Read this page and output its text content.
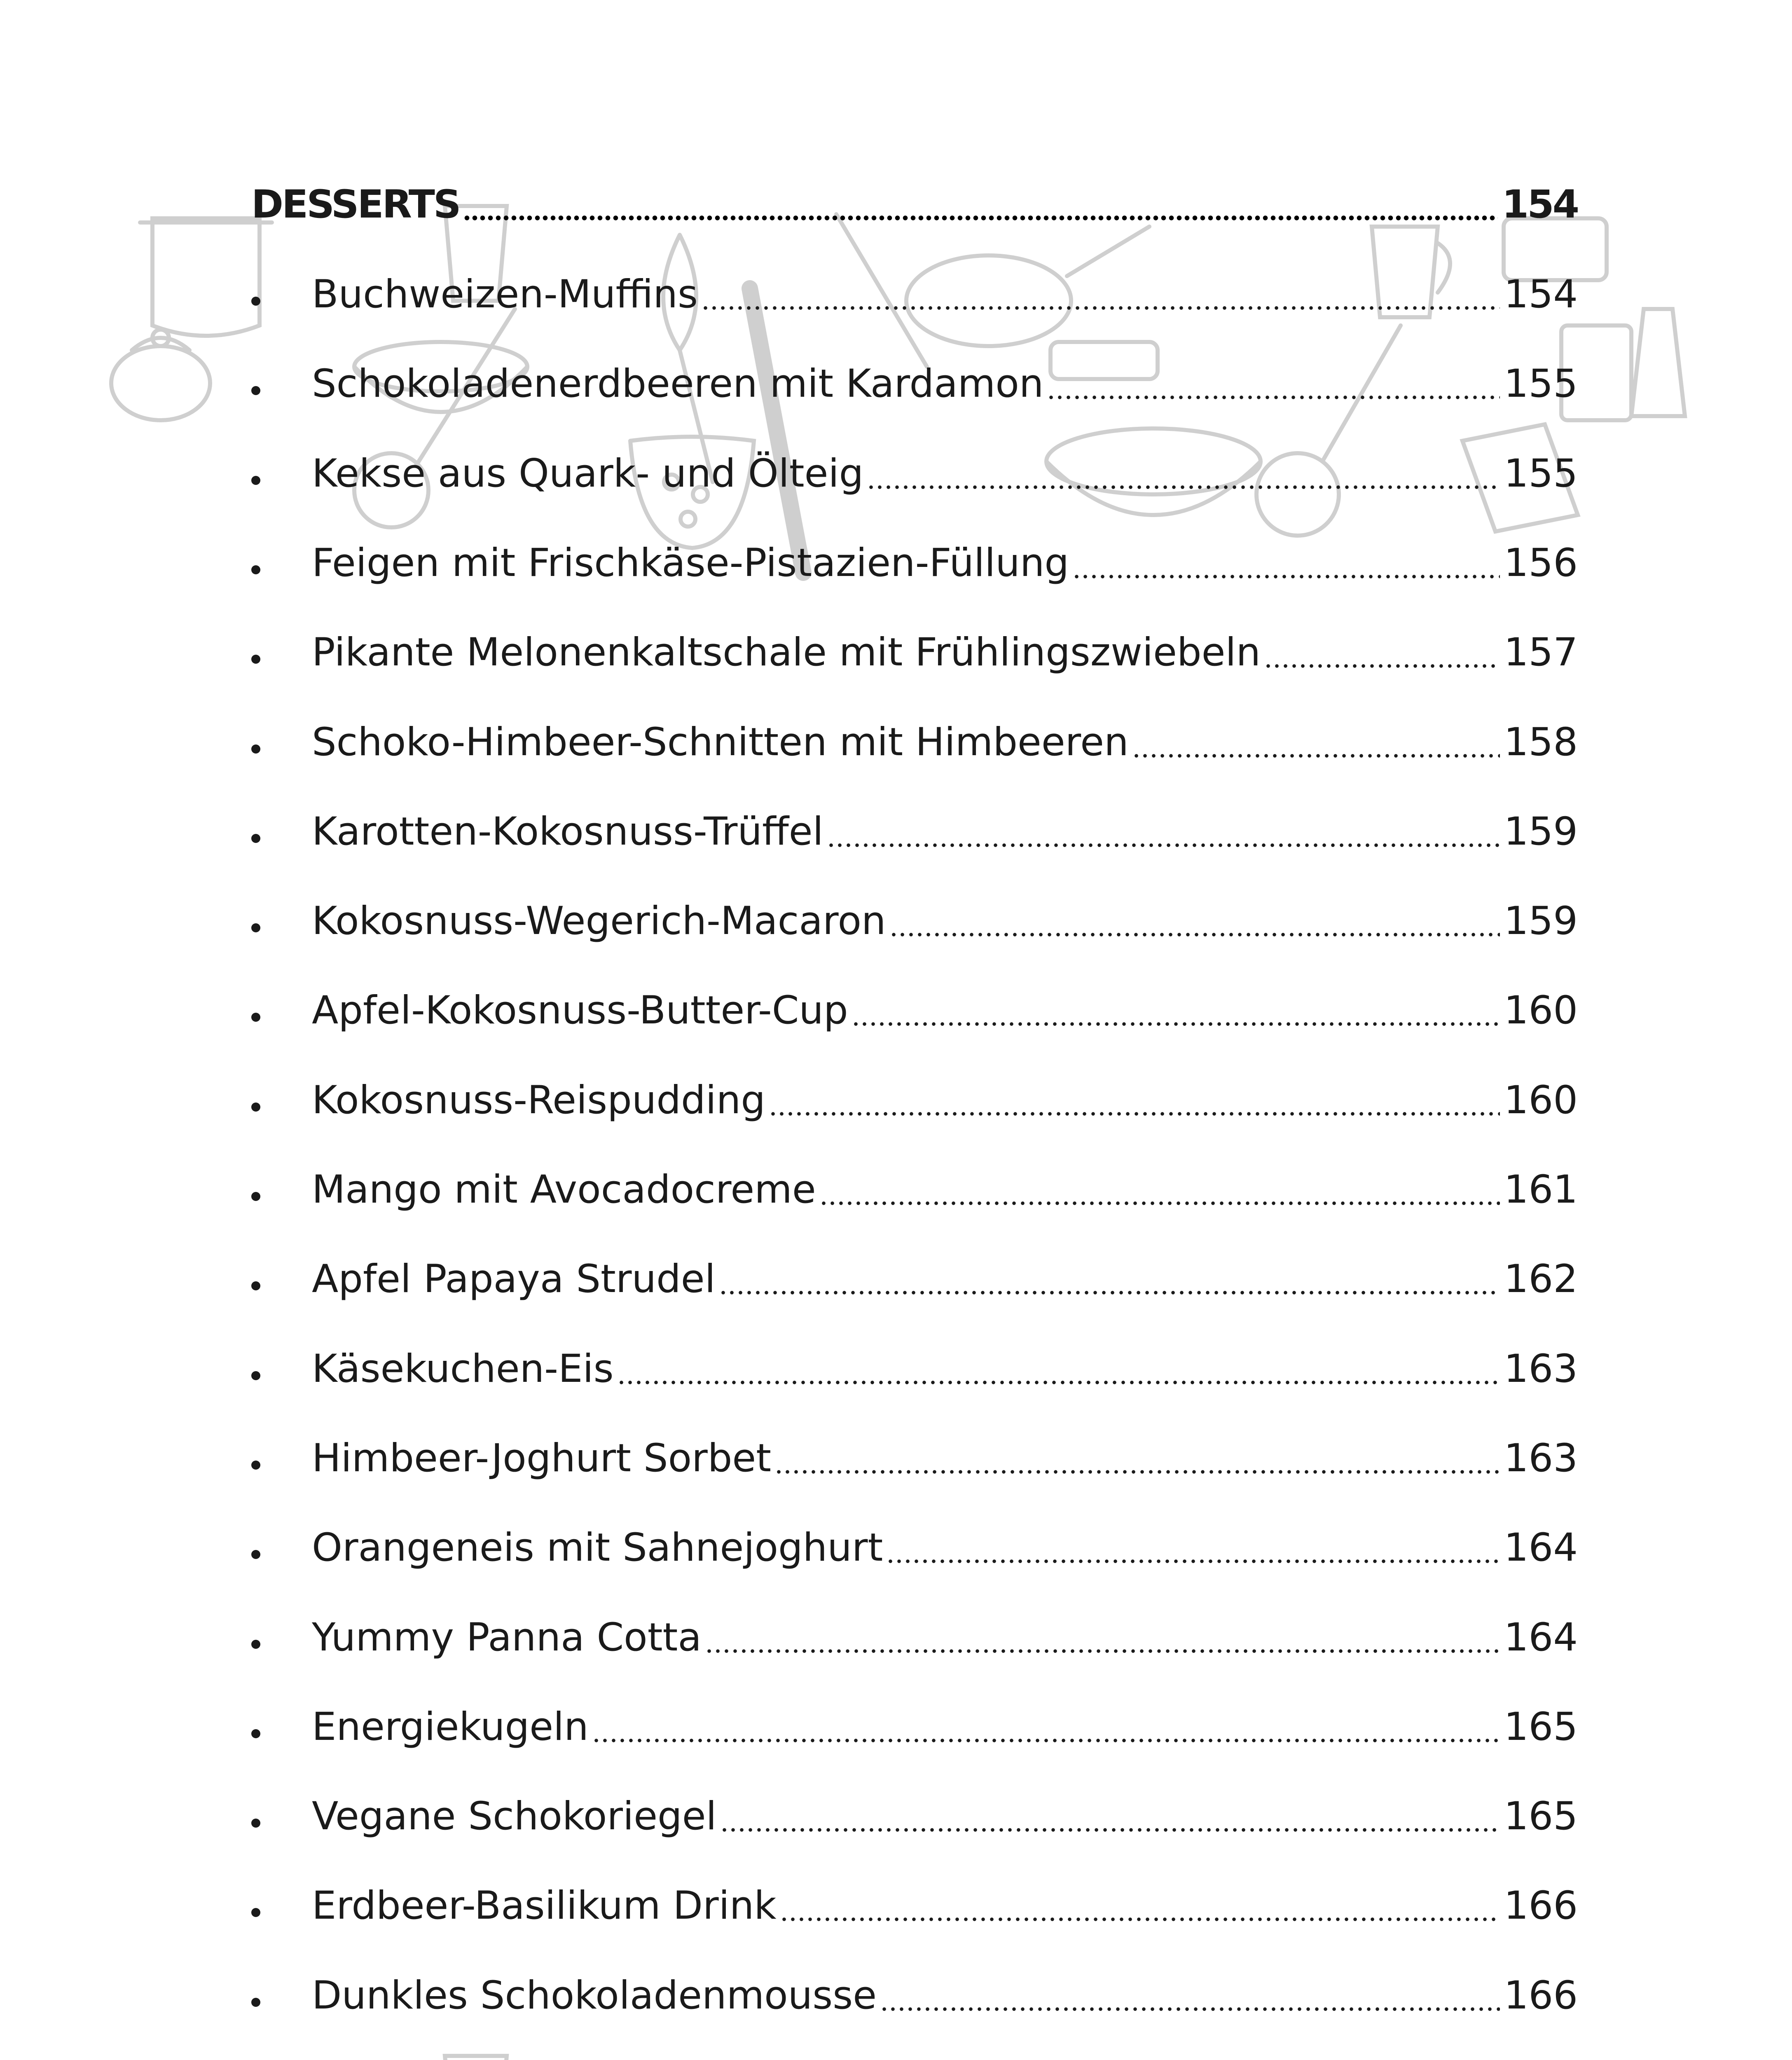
DESSERTS	154
Buchweizen-Muffins	154
Schokoladenerdbeeren mit Kardamon	155
Kekse aus Quark- und Ölteig	155
Feigen mit Frischkäse-Pistazien-Füllung	156
Pikante Melonenkaltschale mit Frühlingszwiebeln	157
Schoko-Himbeer-Schnitten mit Himbeeren	158
Karotten-Kokosnuss-Trüffel	159
Kokosnuss-Wegerich-Macaron	159
Apfel-Kokosnuss-Butter-Cup	160
Kokosnuss-Reispudding	160
Mango mit Avocadocreme	161
Apfel Papaya Strudel	162
Käsekuchen-Eis	163
Himbeer-Joghurt Sorbet	163
Orangeneis mit Sahnejoghurt	164
Yummy Panna Cotta	164
Energiekugeln	165
Vegane Schokoriegel	165
Erdbeer-Basilikum Drink	166
Dunkles Schokoladenmousse	166
